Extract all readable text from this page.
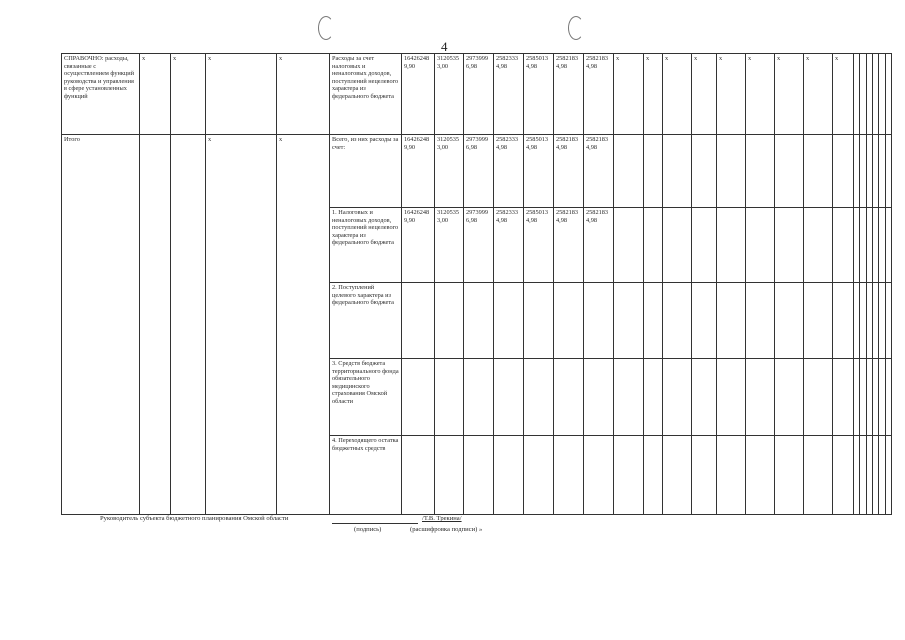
4
СПРАВОЧНО: расходы, связанные с осуществлением функций руководства и управления в сфере установленных функций	x	x	x	x	Расходы за счет налоговых и неналоговых доходов, поступлений нецелевого характера из федерального бюджета	164262489,90	31205353,00	29739996,98	25823334,98	25850134,98	25821834,98	25821834,98	x	x	x	x	x	x	x	x	x						
Итого			x	x	Всего, из них расходы за счет:	164262489,90	31205353,00	29739996,98	25823334,98	25850134,98	25821834,98	25821834,98															
					1. Налоговых и неналоговых доходов, поступлений нецелевого характера из федерального бюджета	164262489,90	31205353,00	29739996,98	25823334,98	25850134,98	25821834,98	25821834,98															
					2. Поступлений целевого характера из федерального бюджета																						
					3. Средств бюджета территориального фонда обязательного медицинского страхования Омской области																						
					4. Переходящего остатка бюджетных средств																						
Руководитель субъекта бюджетного планирования Омской области	/Т.В. Трекина/
(подпись)	(расшифровка подписи) »
